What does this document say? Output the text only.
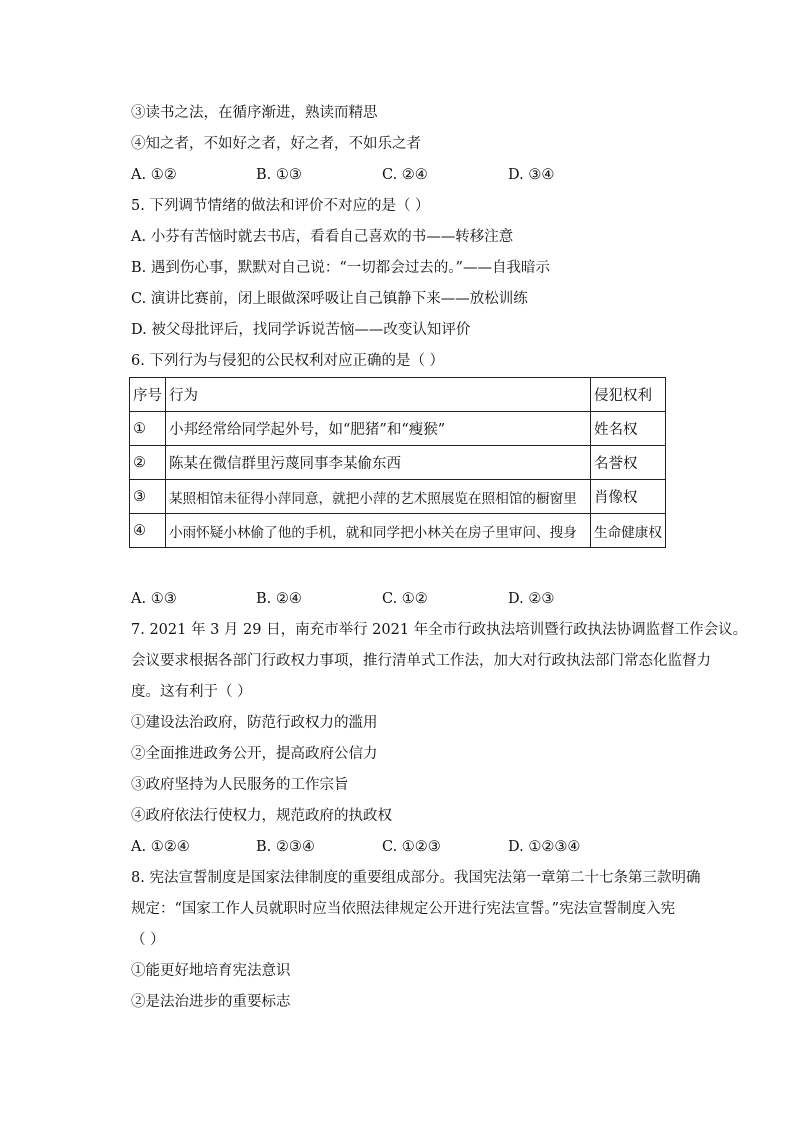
③读书之法，在循序渐进，熟读而精思
④知之者，不如好之者，好之者，不如乐之者
A. ①②	B. ①③	C. ②④	D. ③④
5. 下列调节情绪的做法和评价不对应的是（ ）
A. 小芬有苦恼时就去书店，看看自己喜欢的书——转移注意
B. 遇到伤心事，默默对自己说：“一切都会过去的。”——自我暗示
C. 演讲比赛前，闭上眼做深呼吸让自己镇静下来——放松训练
D. 被父母批评后，找同学诉说苦恼——改变认知评价
6. 下列行为与侵犯的公民权利对应正确的是（ ）
序号	行为	侵犯权利
①	小邦经常给同学起外号，如“肥猪”和“瘦猴”	姓名权
②	陈某在微信群里污蔑同事李某偷东西	名誉权
③	某照相馆未征得小萍同意，就把小萍的艺术照展览在照相馆的橱窗里	肖像权
④	小雨怀疑小林偷了他的手机，就和同学把小林关在房子里审问、搜身	生命健康权
A. ①③	B. ②④	C. ①②	D. ②③
7. 2021 年 3 月 29 日，南充市举行 2021 年全市行政执法培训暨行政执法协调监督工作会议。
会议要求根据各部门行政权力事项，推行清单式工作法，加大对行政执法部门常态化监督力
度。这有利于（ ）
①建设法治政府，防范行政权力的滥用
②全面推进政务公开，提高政府公信力
③政府坚持为人民服务的工作宗旨
④政府依法行使权力，规范政府的执政权
A. ①②④	B. ②③④	C. ①②③	D. ①②③④
8. 宪法宣誓制度是国家法律制度的重要组成部分。我国宪法第一章第二十七条第三款明确
规定：“国家工作人员就职时应当依照法律规定公开进行宪法宣誓。”宪法宣誓制度入宪
（ ）
①能更好地培育宪法意识
②是法治进步的重要标志
